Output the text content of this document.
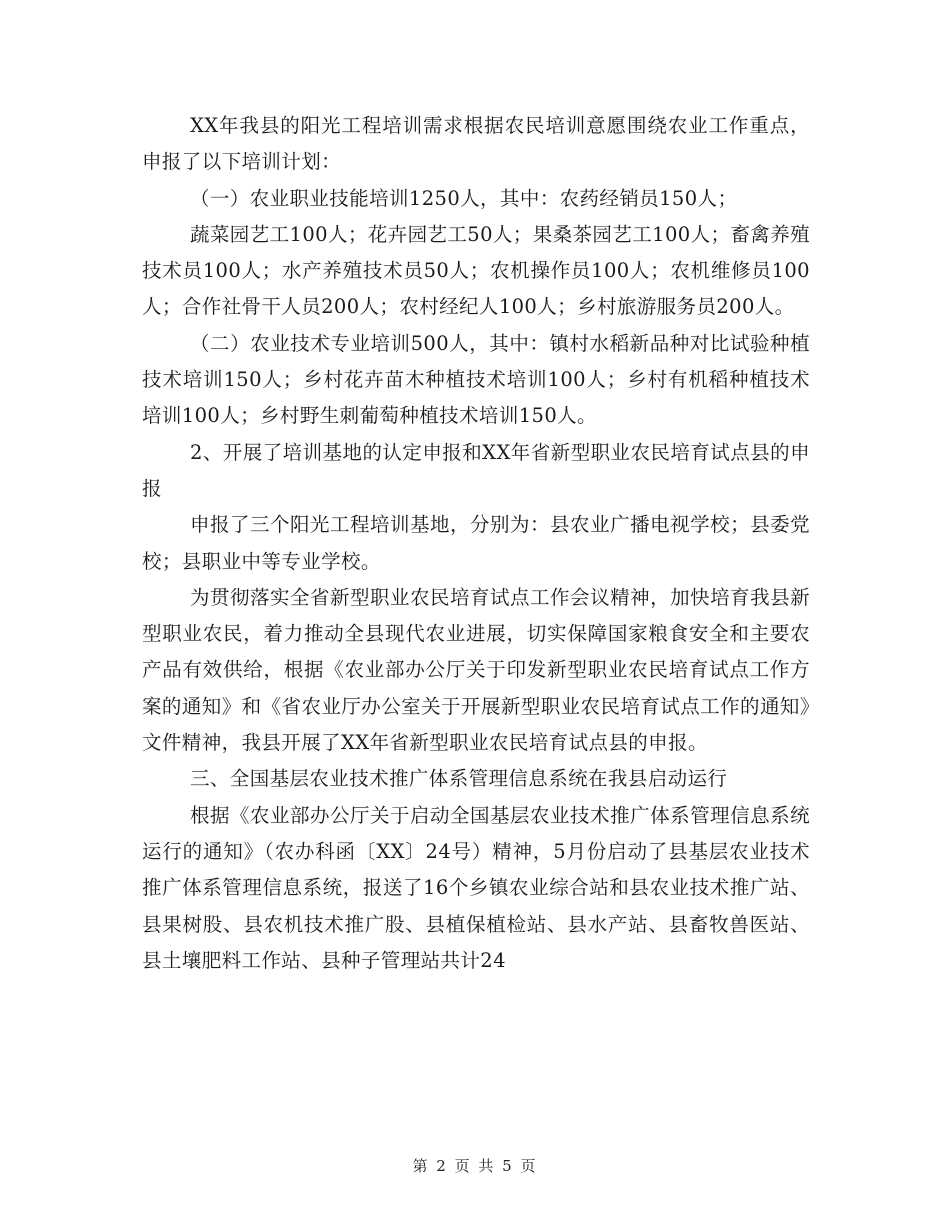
XX年我县的阳光工程培训需求根据农民培训意愿围绕农业工作重点，申报了以下培训计划：

（一）农业职业技能培训1250人，其中：农药经销员150人；

蔬菜园艺工100人；花卉园艺工50人；果桑茶园艺工100人；畜禽养殖技术员100人；水产养殖技术员50人；农机操作员100人；农机维修员100人；合作社骨干人员200人；农村经纪人100人；乡村旅游服务员200人。

（二）农业技术专业培训500人，其中：镇村水稻新品种对比试验种植技术培训150人；乡村花卉苗木种植技术培训100人；乡村有机稻种植技术培训100人；乡村野生刺葡萄种植技术培训150人。

2、开展了培训基地的认定申报和XX年省新型职业农民培育试点县的申报

申报了三个阳光工程培训基地，分别为：县农业广播电视学校；县委党校；县职业中等专业学校。

为贯彻落实全省新型职业农民培育试点工作会议精神，加快培育我县新型职业农民，着力推动全县现代农业进展，切实保障国家粮食安全和主要农产品有效供给，根据《农业部办公厅关于印发新型职业农民培育试点工作方案的通知》和《省农业厅办公室关于开展新型职业农民培育试点工作的通知》文件精神，我县开展了XX年省新型职业农民培育试点县的申报。

三、全国基层农业技术推广体系管理信息系统在我县启动运行

根据《农业部办公厅关于启动全国基层农业技术推广体系管理信息系统运行的通知》（农办科函〔XX〕24号）精神，5月份启动了县基层农业技术推广体系管理信息系统，报送了16个乡镇农业综合站和县农业技术推广站、县果树股、县农机技术推广股、县植保植检站、县水产站、县畜牧兽医站、县土壤肥料工作站、县种子管理站共计24

第 2 页 共 5 页
